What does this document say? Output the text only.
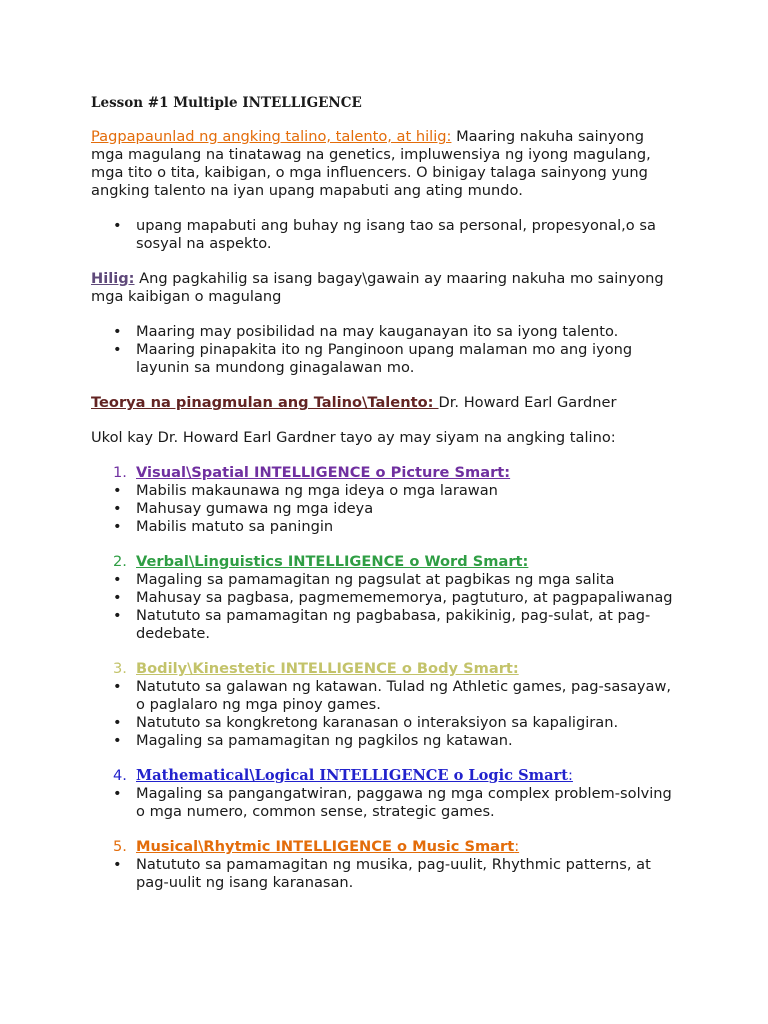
Lesson #1 Multiple INTELLIGENCE

Pagpapaunlad ng angking talino, talento, at hilig: Maaring nakuha sainyong mga magulang na tinatawag na genetics, impluwensiya ng iyong magulang, mga tito o tita, kaibigan, o mga influencers. O binigay talaga sainyong yung angking talento na iyan upang mapabuti ang ating mundo.

• upang mapabuti ang buhay ng isang tao sa personal, propesyonal,o sa sosyal na aspekto.

Hilig: Ang pagkahilig sa isang bagay\gawain ay maaring nakuha mo sainyong mga kaibigan o magulang

• Maaring may posibilidad na may kauganayan ito sa iyong talento.
• Maaring pinapakita ito ng Panginoon upang malaman mo ang iyong layunin sa mundong ginagalawan mo.

Teorya na pinagmulan ang Talino\Talento: Dr. Howard Earl Gardner

Ukol kay Dr. Howard Earl Gardner tayo ay may siyam na angking talino:

1. Visual\Spatial INTELLIGENCE o Picture Smart:
• Mabilis makaunawa ng mga ideya o mga larawan
• Mahusay gumawa ng mga ideya
• Mabilis matuto sa paningin
2. Verbal\Linguistics INTELLIGENCE o Word Smart:
• Magaling sa pamamagitan ng pagsulat at pagbikas ng mga salita
• Mahusay sa pagbasa, pagmemememorya, pagtuturo, at pagpapaliwanag
• Natututo sa pamamagitan ng pagbabasa, pakikinig, pag-sulat, at pag-dedebate.
3. Bodily\Kinestetic INTELLIGENCE o Body Smart:
• Natututo sa galawan ng katawan. Tulad ng Athletic games, pag-sasayaw, o paglalaro ng mga pinoy games.
• Natututo sa kongkretong karanasan o interaksiyon sa kapaligiran.
• Magaling sa pamamagitan ng pagkilos ng katawan.
4. Mathematical\Logical INTELLIGENCE o Logic Smart:
• Magaling sa pangangatwiran, paggawa ng mga complex problem-solving o mga numero, common sense, strategic games.
5. Musical\Rhytmic INTELLIGENCE o Music Smart:
• Natututo sa pamamagitan ng musika, pag-uulit, Rhythmic patterns, at pag-uulit ng isang karanasan.
